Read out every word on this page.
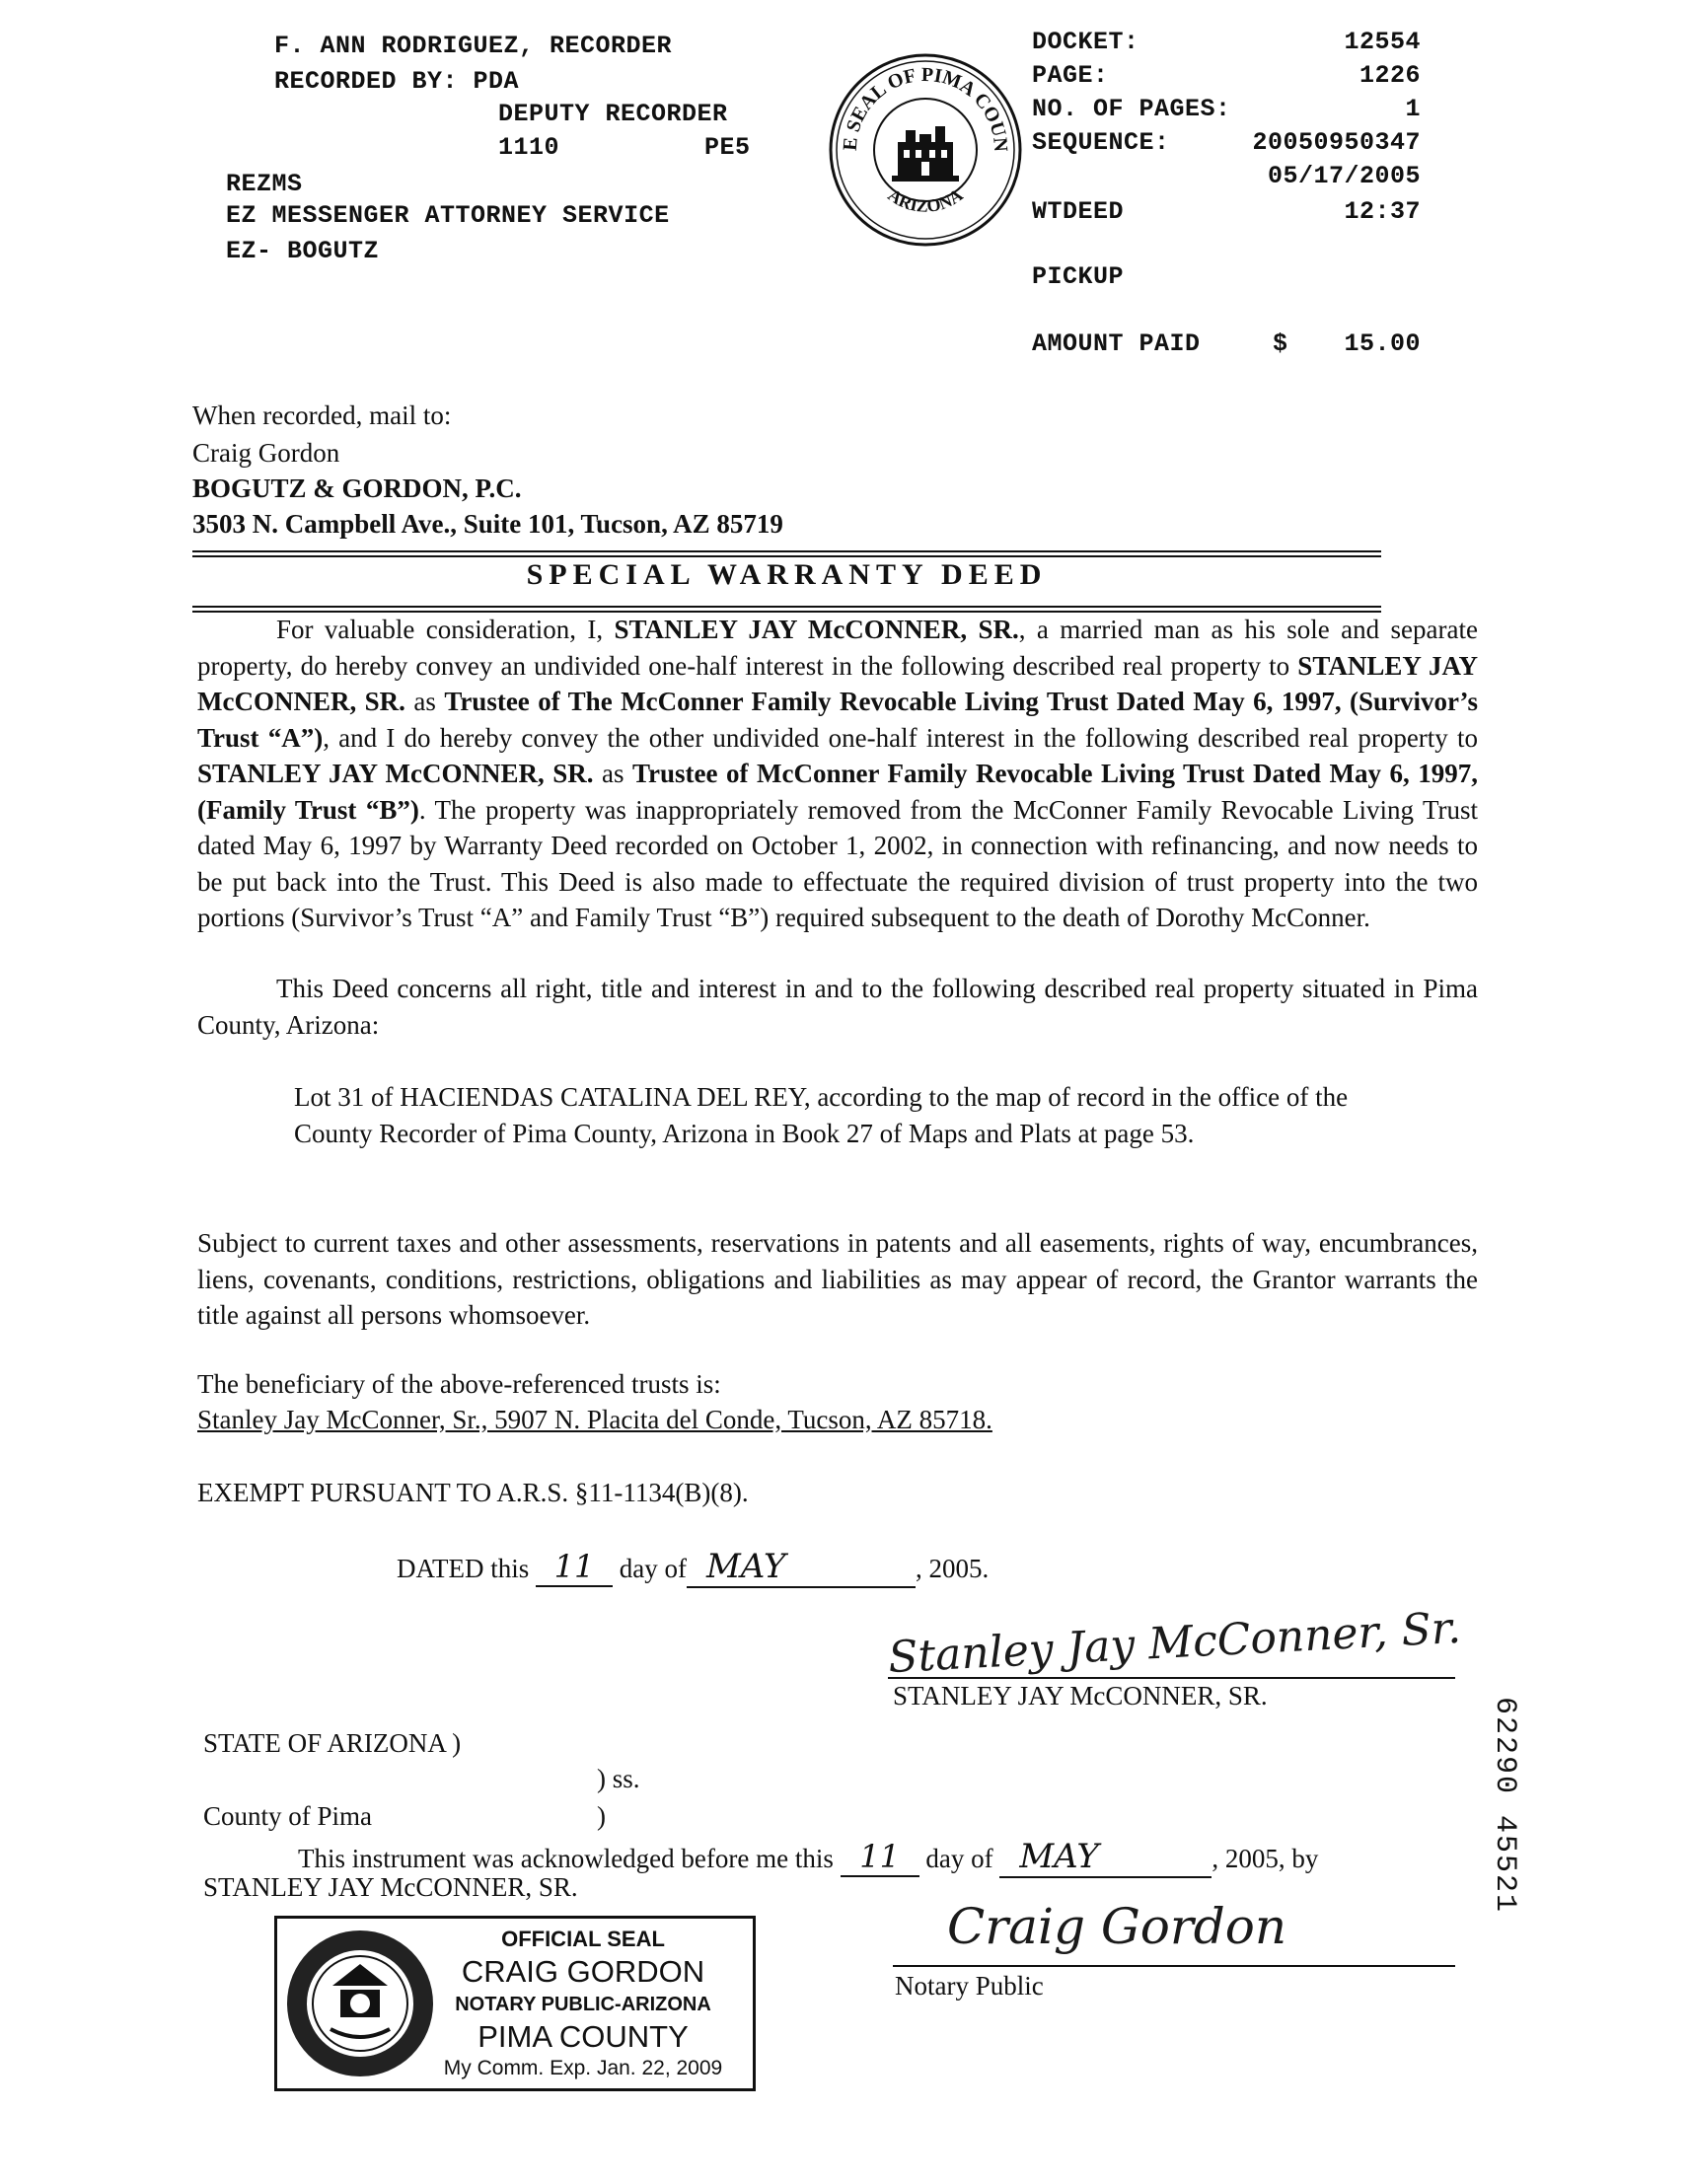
F. ANN RODRIGUEZ, RECORDER
RECORDED BY: PDA
DEPUTY RECORDER
1110	PE5
REZMS
EZ MESSENGER ATTORNEY SERVICE
EZ- BOGUTZ
E SEAL OF PIMA COUN
ARIZONA
DOCKET:	12554
PAGE:	1226
NO. OF PAGES:	1
SEQUENCE:	20050950347
05/17/2005
WTDEED	12:37
PICKUP
AMOUNT PAID	$	15.00
When recorded, mail to:
Craig Gordon
BOGUTZ & GORDON, P.C.
3503 N. Campbell Ave., Suite 101, Tucson, AZ 85719
SPECIAL WARRANTY DEED
For valuable consideration, I, STANLEY JAY McCONNER, SR., a married man as his sole and separate property, do hereby convey an undivided one-half interest in the following described real property to STANLEY JAY McCONNER, SR. as Trustee of The McConner Family Revocable Living Trust Dated May 6, 1997, (Survivor’s Trust “A”), and I do hereby convey the other undivided one-half interest in the following described real property to STANLEY JAY McCONNER, SR. as Trustee of McConner Family Revocable Living Trust Dated May 6, 1997, (Family Trust “B”). The property was inappropriately removed from the McConner Family Revocable Living Trust dated May 6, 1997 by Warranty Deed recorded on October 1, 2002, in connection with refinancing, and now needs to be put back into the Trust. This Deed is also made to effectuate the required division of trust property into the two portions (Survivor’s Trust “A” and Family Trust “B”) required subsequent to the death of Dorothy McConner.
This Deed concerns all right, title and interest in and to the following described real property situated in Pima County, Arizona:
Lot 31 of HACIENDAS CATALINA DEL REY, according to the map of record in the office of the County Recorder of Pima County, Arizona in Book 27 of Maps and Plats at page 53.
Subject to current taxes and other assessments, reservations in patents and all easements, rights of way, encumbrances, liens, covenants, conditions, restrictions, obligations and liabilities as may appear of record, the Grantor warrants the title against all persons whomsoever.
The beneficiary of the above-referenced trusts is:
Stanley Jay McConner, Sr., 5907 N. Placita del Conde, Tucson, AZ 85718.
EXEMPT PURSUANT TO A.R.S. §11-1134(B)(8).
DATED this 11 day of MAY	, 2005.
Stanley Jay McConner, Sr.
STANLEY JAY McCONNER, SR.
STATE OF ARIZONA )
) ss.
County of Pima	)
This instrument was acknowledged before me this 11 day of MAY	, 2005, by
STANLEY JAY McCONNER, SR.
Craig Gordon
Notary Public
OFFICIAL SEAL
CRAIG GORDON
NOTARY PUBLIC-ARIZONA
PIMA COUNTY
My Comm. Exp. Jan. 22, 2009
62290 45521
